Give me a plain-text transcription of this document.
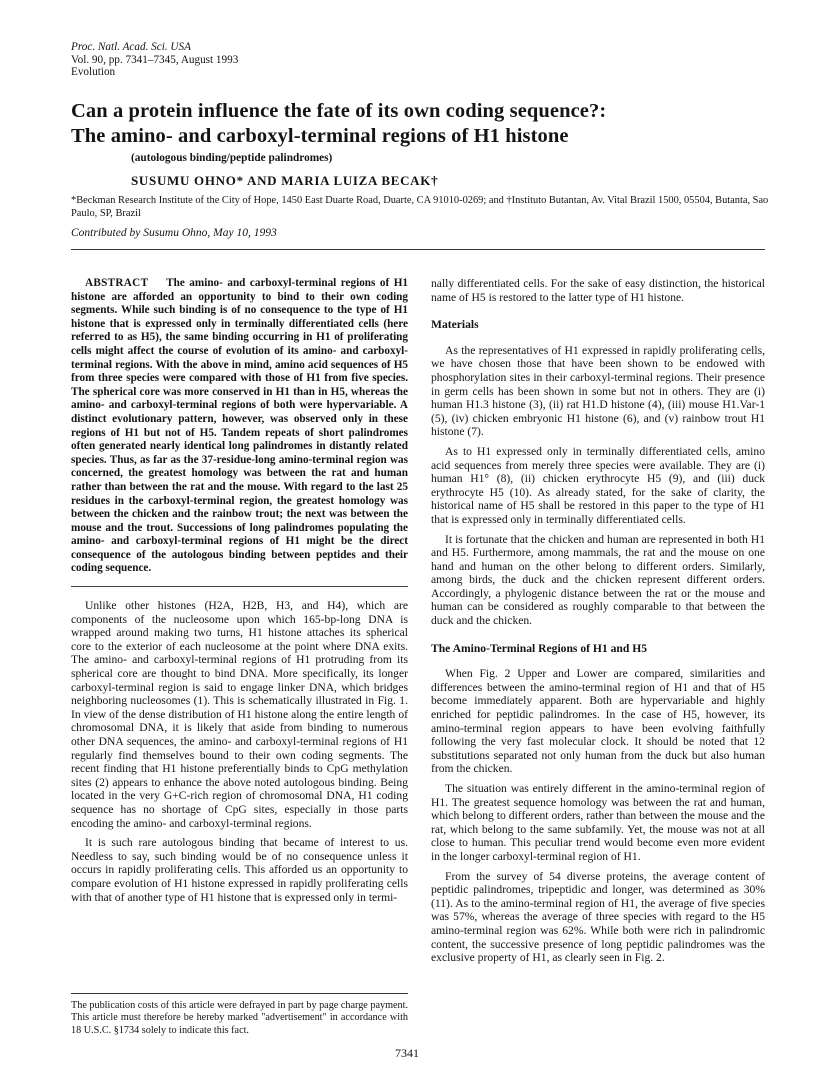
Proc. Natl. Acad. Sci. USA
Vol. 90, pp. 7341–7345, August 1993
Evolution
Can a protein influence the fate of its own coding sequence?:
The amino- and carboxyl-terminal regions of H1 histone
(autologous binding/peptide palindromes)
SUSUMU OHNO* AND MARIA LUIZA BECAK†
*Beckman Research Institute of the City of Hope, 1450 East Duarte Road, Duarte, CA 91010-0269; and †Instituto Butantan, Av. Vital Brazil 1500, 05504, Butanta, Sao Paulo, SP, Brazil
Contributed by Susumu Ohno, May 10, 1993

ABSTRACT The amino- and carboxyl-terminal regions of H1 histone are afforded an opportunity to bind to their own coding segments. While such binding is of no consequence to the type of H1 histone that is expressed only in terminally differentiated cells (here referred to as H5), the same binding occurring in H1 of proliferating cells might affect the course of evolution of its amino- and carboxyl-terminal regions. With the above in mind, amino acid sequences of H5 from three species were compared with those of H1 from five species. The spherical core was more conserved in H1 than in H5, whereas the amino- and carboxyl-terminal regions of both were hypervariable. A distinct evolutionary pattern, however, was observed only in these regions of H1 but not of H5. Tandem repeats of short palindromes often generated nearly identical long palindromes in distantly related species. Thus, as far as the 37-residue-long amino-terminal region was concerned, the greatest homology was between the rat and human rather than between the rat and the mouse. With regard to the last 25 residues in the carboxyl-terminal region, the greatest homology was between the chicken and the rainbow trout; the next was between the mouse and the trout. Successions of long palindromes populating the amino- and carboxyl-terminal regions of H1 might be the direct consequence of the autologous binding between peptides and their coding sequence.

Unlike other histones (H2A, H2B, H3, and H4), which are components of the nucleosome upon which 165-bp-long DNA is wrapped around making two turns, H1 histone attaches its spherical core to the exterior of each nucleosome at the point where DNA exits. The amino- and carboxyl-terminal regions of H1 protruding from its spherical core are thought to bind DNA. More specifically, its longer carboxyl-terminal region is said to engage linker DNA, which bridges neighboring nucleosomes (1). This is schematically illustrated in Fig. 1. In view of the dense distribution of H1 histone along the entire length of chromosomal DNA, it is likely that aside from binding to numerous other DNA sequences, the amino- and carboxyl-terminal regions of H1 regularly find themselves bound to their own coding segments. The recent finding that H1 histone preferentially binds to CpG methylation sites (2) appears to enhance the above noted autologous binding. Being located in the very G+C-rich region of chromosomal DNA, H1 coding sequence has no shortage of CpG sites, especially in those parts encoding the amino- and carboxyl-terminal regions.

It is such rare autologous binding that became of interest to us. Needless to say, such binding would be of no consequence unless it occurs in rapidly proliferating cells. This afforded us an opportunity to compare evolution of H1 histone expressed in rapidly proliferating cells with that of another type of H1 histone that is expressed only in termi-

The publication costs of this article were defrayed in part by page charge payment. This article must therefore be hereby marked "advertisement" in accordance with 18 U.S.C. §1734 solely to indicate this fact.

nally differentiated cells. For the sake of easy distinction, the historical name of H5 is restored to the latter type of H1 histone.

Materials

As the representatives of H1 expressed in rapidly proliferating cells, we have chosen those that have been shown to be endowed with phosphorylation sites in their carboxyl-terminal regions. Their presence in germ cells has been shown in some but not in others. They are (i) human H1.3 histone (3), (ii) rat H1.D histone (4), (iii) mouse H1.Var-1 (5), (iv) chicken embryonic H1 histone (6), and (v) rainbow trout H1 histone (7).

As to H1 expressed only in terminally differentiated cells, amino acid sequences from merely three species were available. They are (i) human H1° (8), (ii) chicken erythrocyte H5 (9), and (iii) duck erythrocyte H5 (10). As already stated, for the sake of clarity, the historical name of H5 shall be restored in this paper to the type of H1 that is expressed only in terminally differentiated cells.

It is fortunate that the chicken and human are represented in both H1 and H5. Furthermore, among mammals, the rat and the mouse on one hand and human on the other belong to different orders. Similarly, among birds, the duck and the chicken represent different orders. Accordingly, a phylogenic distance between the rat or the mouse and human can be considered as roughly comparable to that between the duck and the chicken.

The Amino-Terminal Regions of H1 and H5

When Fig. 2 Upper and Lower are compared, similarities and differences between the amino-terminal region of H1 and that of H5 become immediately apparent. Both are hypervariable and highly enriched for peptidic palindromes. In the case of H5, however, its amino-terminal region appears to have been evolving faithfully following the very fast molecular clock. It should be noted that 12 substitutions separated not only human from the duck but also human from the chicken.

The situation was entirely different in the amino-terminal region of H1. The greatest sequence homology was between the rat and human, which belong to different orders, rather than between the mouse and the rat, which belong to the same subfamily. Yet, the mouse was not at all close to human. This peculiar trend would become even more evident in the longer carboxyl-terminal region of H1.

From the survey of 54 diverse proteins, the average content of peptidic palindromes, tripeptidic and longer, was determined as 30% (11). As to the amino-terminal region of H1, the average of five species was 57%, whereas the average of three species with regard to the H5 amino-terminal region was 62%. While both were rich in palindromic content, the successive presence of long peptidic palindromes was the exclusive property of H1, as clearly seen in Fig. 2.

7341
